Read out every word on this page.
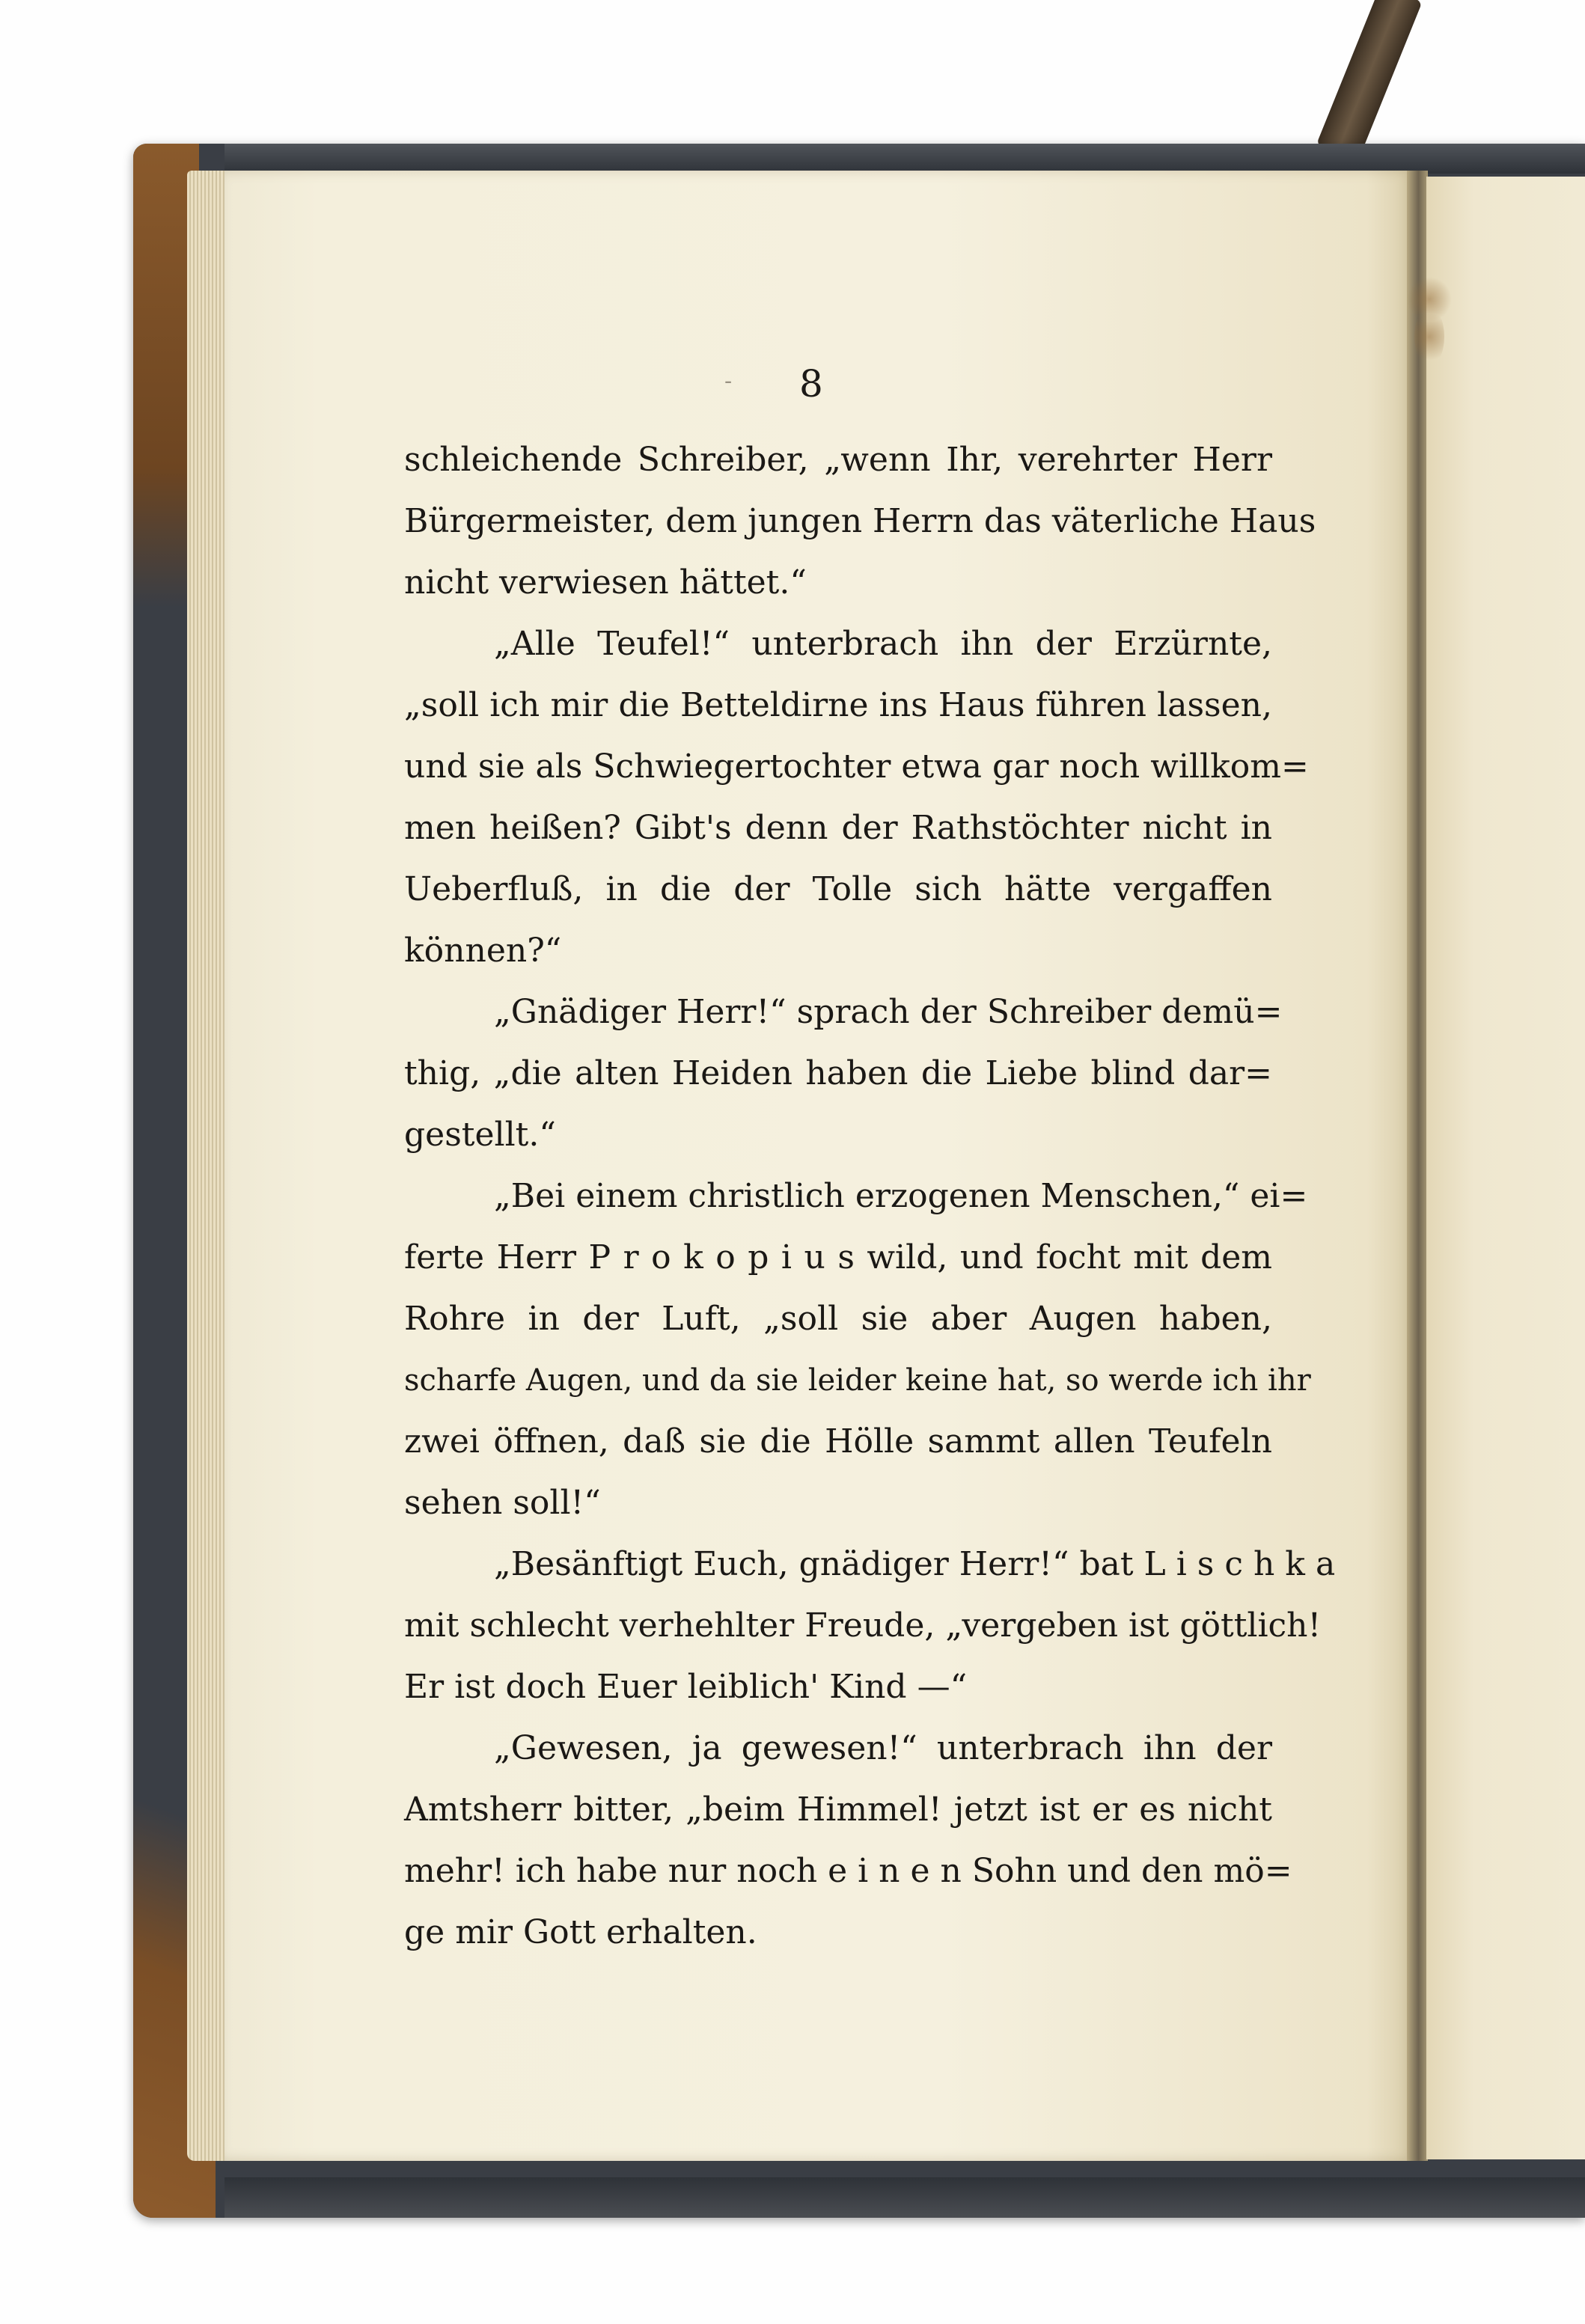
- 8
schleichende Schreiber, „wenn Ihr, verehrter Herr
Bürgermeister, dem jungen Herrn das väterliche Haus
nicht verwiesen hättet.“
„Alle Teufel!“ unterbrach ihn der Erzürnte,
„soll ich mir die Betteldirne ins Haus führen lassen,
und sie als Schwiegertochter etwa gar noch willkom=
men heißen? Gibt's denn der Rathstöchter nicht in
Ueberfluß, in die der Tolle sich hätte vergaffen
können?“
„Gnädiger Herr!“ sprach der Schreiber demü=
thig, „die alten Heiden haben die Liebe blind dar=
gestellt.“
„Bei einem christlich erzogenen Menschen,“ ei=
ferte Herr P r o k o p i u s wild, und focht mit dem
Rohre in der Luft, „soll sie aber Augen haben,
scharfe Augen, und da sie leider keine hat, so werde ich ihr
zwei öffnen, daß sie die Hölle sammt allen Teufeln
sehen soll!“
„Besänftigt Euch, gnädiger Herr!“ bat L i s c h k a
mit schlecht verhehlter Freude, „vergeben ist göttlich!
Er ist doch Euer leiblich' Kind —“
„Gewesen, ja gewesen!“ unterbrach ihn der
Amtsherr bitter, „beim Himmel! jetzt ist er es nicht
mehr! ich habe nur noch e i n e n Sohn und den mö=
ge mir Gott erhalten.
